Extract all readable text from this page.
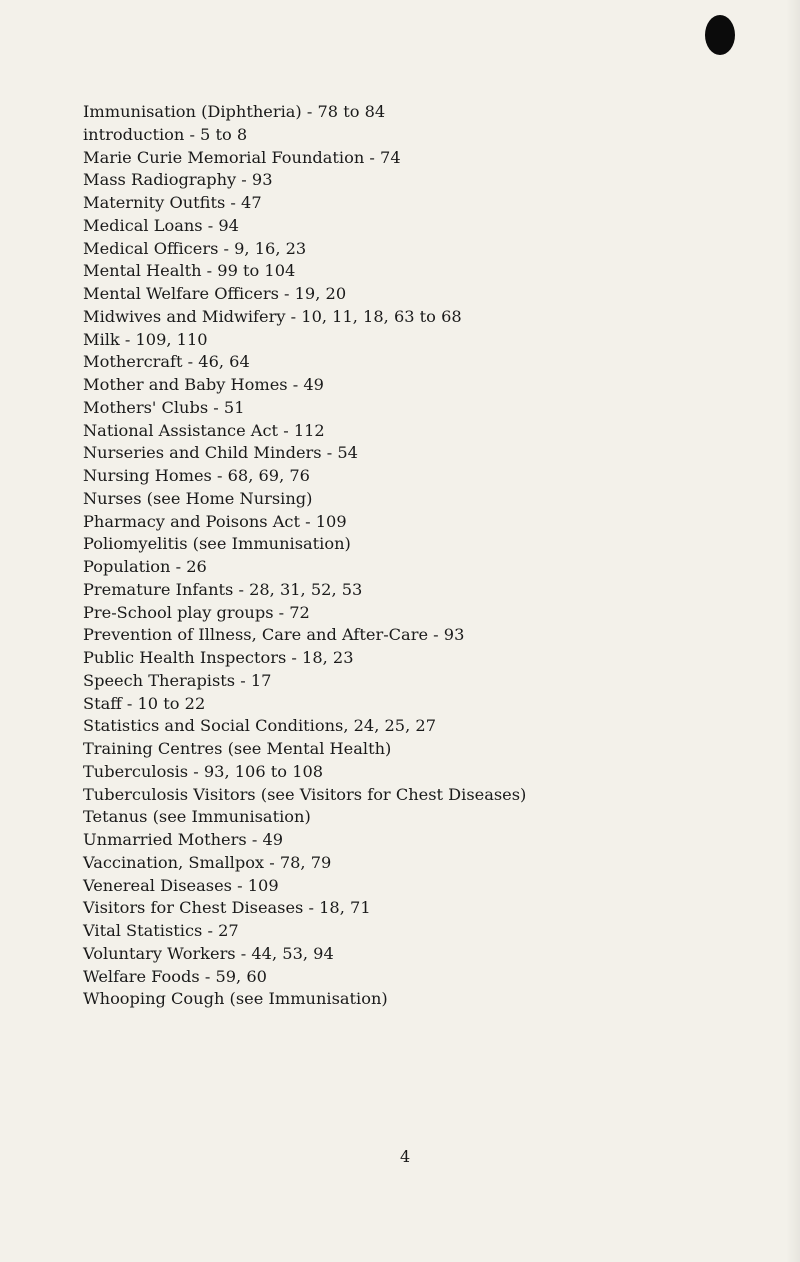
Immunisation (Diphtheria) - 78 to 84
introduction - 5 to 8
Marie Curie Memorial Foundation - 74
Mass Radiography - 93
Maternity Outfits - 47
Medical Loans - 94
Medical Officers - 9, 16, 23
Mental Health - 99 to 104
Mental Welfare Officers - 19, 20
Midwives and Midwifery - 10, 11, 18, 63 to 68
Milk - 109, 110
Mothercraft - 46, 64
Mother and Baby Homes - 49
Mothers' Clubs - 51
National Assistance Act - 112
Nurseries and Child Minders - 54
Nursing Homes - 68, 69, 76
Nurses (see Home Nursing)
Pharmacy and Poisons Act - 109
Poliomyelitis (see Immunisation)
Population - 26
Premature Infants - 28, 31, 52, 53
Pre-School play groups - 72
Prevention of Illness, Care and After-Care - 93
Public Health Inspectors - 18, 23
Speech Therapists - 17
Staff - 10 to 22
Statistics and Social Conditions, 24, 25, 27
Training Centres (see Mental Health)
Tuberculosis - 93, 106 to 108
Tuberculosis Visitors (see Visitors for Chest Diseases)
Tetanus (see Immunisation)
Unmarried Mothers - 49
Vaccination, Smallpox - 78, 79
Venereal Diseases - 109
Visitors for Chest Diseases - 18, 71
Vital Statistics - 27
Voluntary Workers - 44, 53, 94
Welfare Foods - 59, 60
Whooping Cough (see Immunisation)
4
